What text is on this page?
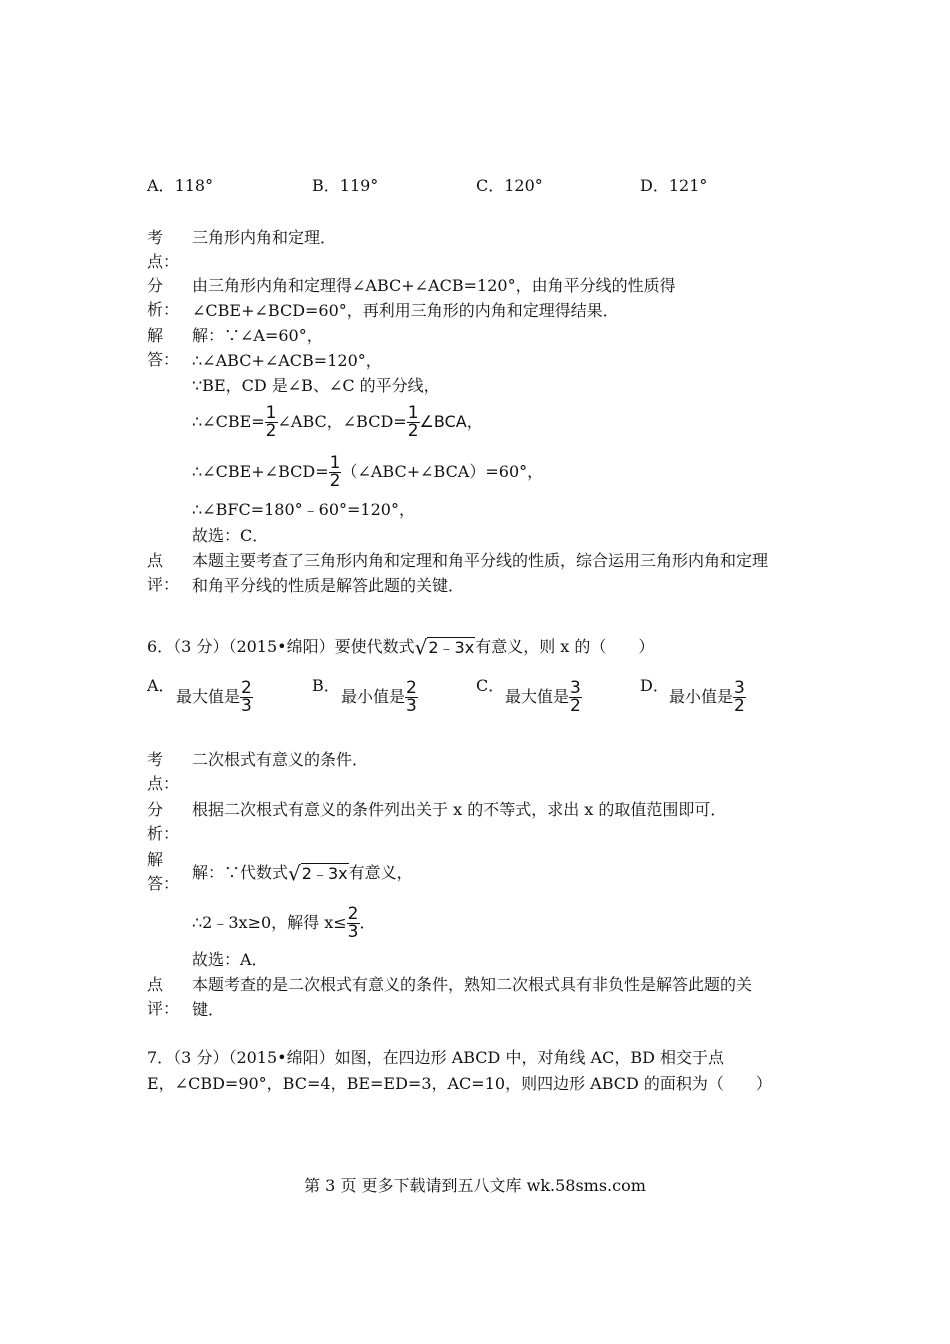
A．118°	B．119°	C．120°	D．121°
考
点：
三角形内角和定理．
分
析：
由三角形内角和定理得∠ABC+∠ACB=120°，由角平分线的性质得
∠CBE+∠BCD=60°，再利用三角形的内角和定理得结果．
解
答：
解：∵∠A=60°，
∴∠ABC+∠ACB=120°，
∵BE，CD 是∠B、∠C 的平分线，
∴∠CBE= $\frac{1}{2}$ ∠ABC，∠BCD= $\frac{1}{2}$ ∠BCA，
∴∠CBE+∠BCD= $\frac{1}{2}$ （∠ABC+∠BCA）=60°，
∴∠BFC=180°﹣60°=120°，
故选：C．
点
评：
本题主要考查了三角形内角和定理和角平分线的性质，综合运用三角形内角和定理
和角平分线的性质是解答此题的关键．
6．（3 分）（2015•绵阳）要使代数式√2﹣3x有意义，则 x 的（　　）
A．
最大值是 $\frac{2}{3}$	B．
最小值是 $\frac{2}{3}$	C．
最大值是 $\frac{3}{2}$	D．
最小值是 $\frac{3}{2}$
考
点：
二次根式有意义的条件．
分
析：
根据二次根式有意义的条件列出关于 x 的不等式，求出 x 的取值范围即可．
解
答：
解：∵代数式√2﹣3x有意义，
∴2﹣3x≥0，解得 $x\le \frac{2}{3}$ ．
故选：A．
点
评：
本题考查的是二次根式有意义的条件，熟知二次根式具有非负性是解答此题的关
键．
7．（3 分）（2015•绵阳）如图，在四边形 ABCD 中，对角线 AC，BD 相交于点
E，∠CBD=90°，BC=4，BE=ED=3，AC=10，则四边形 ABCD 的面积为（　　）
第 3 页 更多下载请到五八文库 wk.58sms.com
